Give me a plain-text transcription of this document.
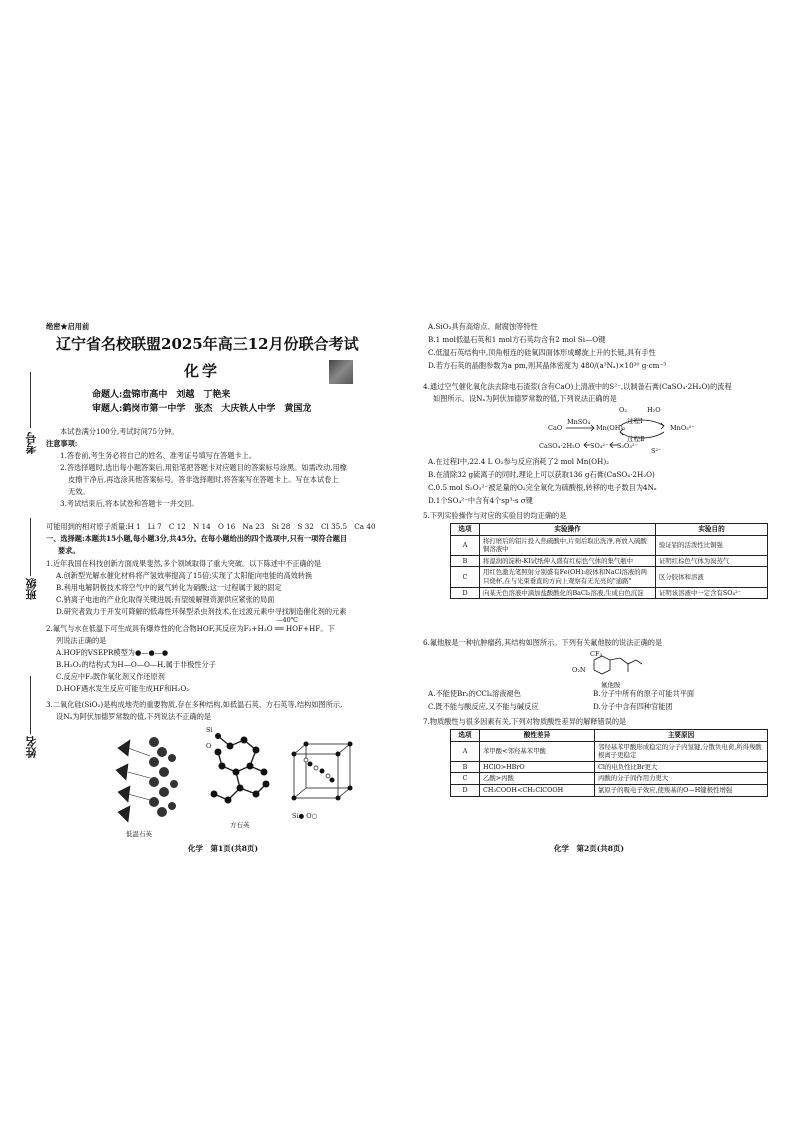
考号
班级
姓名
绝密★启用前
辽宁省名校联盟2025年高三12月份联合考试
化学
命题人:盘锦市高中　刘越　丁艳来
审题人:鹤岗市第一中学　张杰　大庆铁人中学　黄国龙
本试卷满分100分,考试时间75分钟。
注意事项:
1.答卷前,考生务必将自己的姓名、准考证号填写在答题卡上。
2.答选择题时,选出每小题答案后,用铅笔把答题卡对应题目的答案标号涂黑。如需改动,用橡
皮擦干净后,再选涂其他答案标号。答非选择题时,将答案写在答题卡上。写在本试卷上
无效。
3.考试结束后,将本试卷和答题卡一并交回。
可能用到的相对原子质量:H 1　Li 7　C 12　N 14　O 16　Na 23　Si 28　S 32　Cl 35.5　Ca 40
一、选择题:本题共15小题,每小题3分,共45分。在每小题给出的四个选项中,只有一项符合题目
要求。
1.近年我国在科技创新方面成果斐然,多个领域取得了重大突破。以下陈述中不正确的是
A.创新型光解水催化材料将产氢效率提高了15倍;实现了太阳能向电能的高效转换
B.利用电解阴极技术将空气中的氮气转化为硝酸;这一过程属于氮的固定
C.钠离子电池的产业化取得关键进展;有望缓解锂资源供应紧张的局面
D.研究者致力于开发可降解的低毒性环保型杀虫剂技术,在过渡元素中寻找制造催化剂的元素
2.氟气与水在低温下可生成具有爆炸性的化合物HOF,其反应为F₂+H₂O ══ HOF+HF。下
—40℃
列说法正确的是
A.HOF的VSEPR模型为●—●—●
B.H₂O₂的结构式为H—O—O—H,属于非极性分子
C.反应中F₂既作氧化剂又作还原剂
D.HOF遇水发生反应可能生成HF和H₂O₂
3.二氧化硅(SiO₂)是构成地壳的重要物质,存在多种结构,如低温石英、方石英等,结构如图所示,
设Nₐ为阿伏加德罗常数的值,下列说法不正确的是
低温石英
Si
O
方石英
Si● O○
化学　第1页(共8页)
A.SiO₂具有高熔点、耐腐蚀等特性
B.1 mol低温石英和1 mol方石英均含有2 mol Si—O键
C.低温石英结构中,顶角相连的硅氧四面体形成螺旋上升的长链,具有手性
D.若方石英的晶胞参数为a pm,则其晶体密度为 480/(a³Nₐ)×10³⁰ g·cm⁻³
4.通过空气催化氧化法去除电石渣浆(含有CaO)上清液中的S²⁻,以制备石膏(CaSO₄·2H₂O)的流程
如图所示。设Nₐ为阿伏加德罗常数的值,下列说法正确的是
O₂	H₂O
过程Ⅰ
CaO
MnSO₄
Mn(OH)₂	MnO₃²⁻
过程Ⅱ
CaSO₄·2H₂O SO₄²⁻ S₂O₃²⁻
S²⁻
A.在过程Ⅰ中,22.4 L O₂参与反应消耗了2 mol Mn(OH)₂
B.在清除32 g硫离子的同时,理论上可以获取136 g石膏(CaSO₄·2H₂O)
C.0.5 mol S₂O₃²⁻被足量的O₂完全氧化为硫酸根,转移的电子数目为4Nₐ
D.1个SO₄²⁻中含有4个sp³-s σ键
5.下列实验操作与对应的实验目的均正确的是
选项	实验操作	实验目的
A	将打磨后的铝片投入焦硫酸中,片刻后取出洗净,再放入硫酸铜溶液中	验证铝的活泼性比铜强
B	将湿润的淀粉-KI试纸伸入盛有红棕色气体的集气瓶中	证明红棕色气体为溴蒸气
C	用红色激光笔照射分别盛有Fe(OH)₃胶体和NaCl溶液的两只烧杯,在与光束垂直的方向上观察有无光亮的"通路"	区分胶体和溶液
D	向某无色溶液中滴加盐酸酸化的BaCl₂溶液,生成白色沉淀	证明该溶液中一定含有SO₄²⁻
6.氟他胺是一种抗肿瘤药,其结构如图所示。下列有关氟他胺的说法正确的是
CF₃
O₂N
氟他胺
A.不能使Br₂的CCl₄溶液褪色	B.分子中所有的原子可能共平面
C.既不能与酸反应,又不能与碱反应	D.分子中含有四种官能团
7.物质酸性与很多因素有关,下列对物质酸性差异的解释错误的是
选项	酸性差异	主要原因
A	苯甲酸<邻羟基苯甲酸	邻羟基苯甲酸形成稳定的分子内氢键,分散负电荷,所得羧酸根离子更稳定
B	HClO>HBrO	Cl的电负性比Br更大
C	乙酸>丙酸	丙酸的分子间作用力更大
D	CH₃COOH<CH₂ClCOOH	氯原子的吸电子效应,使羧基的O—H键极性增强
化学　第2页(共8页)
